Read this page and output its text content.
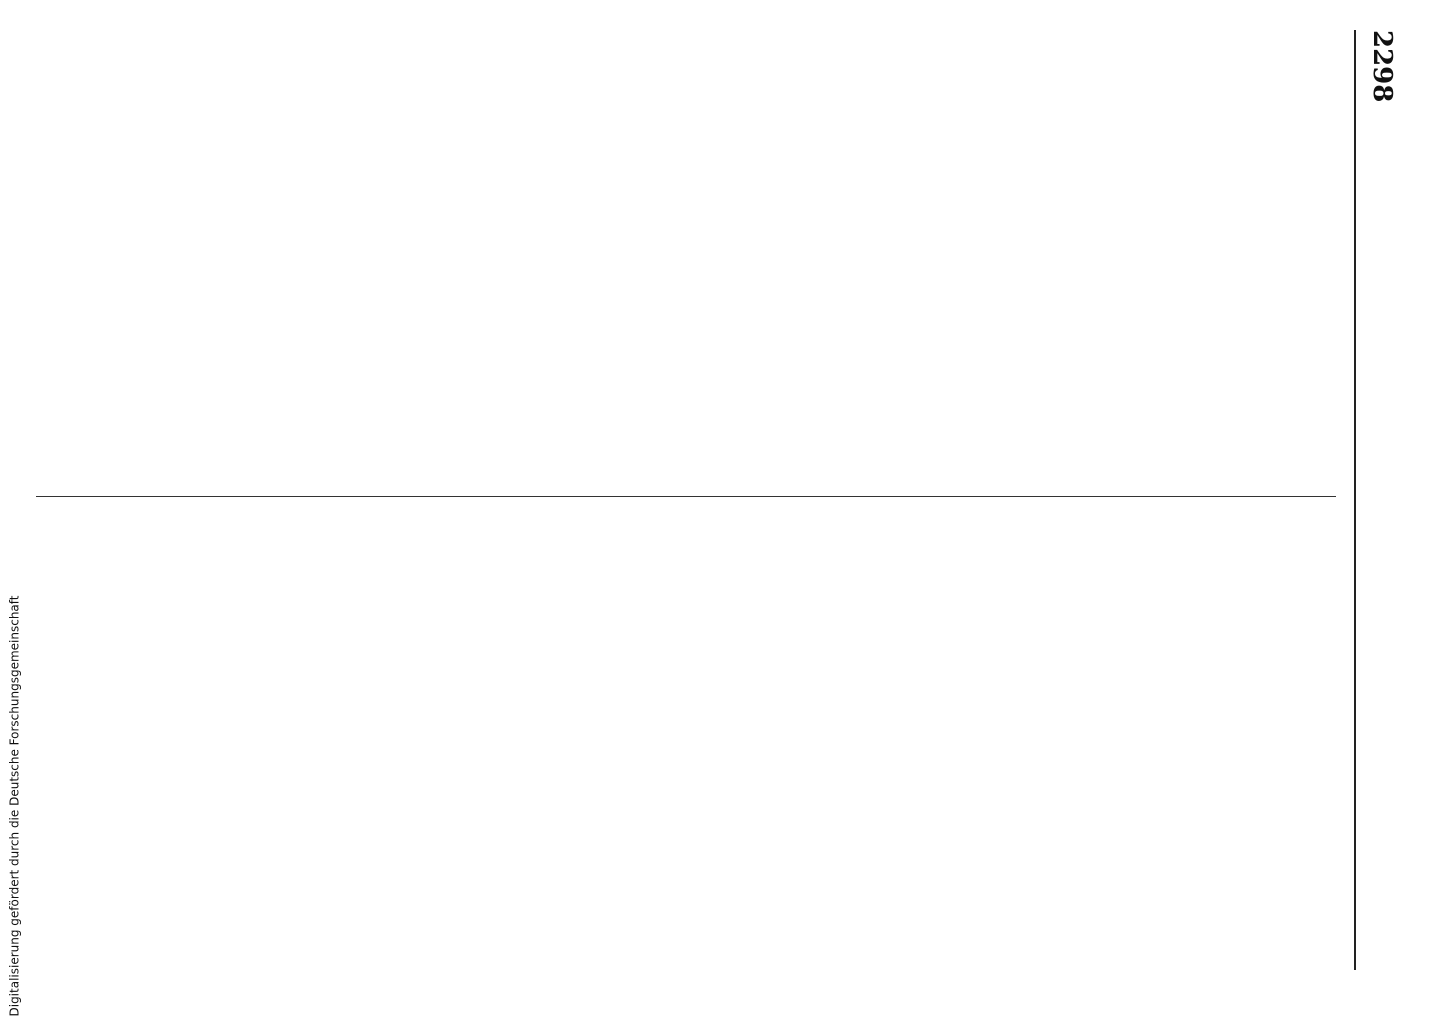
2298
Digitalisierung gefördert durch die Deutsche Forschungsgemeinschaft
